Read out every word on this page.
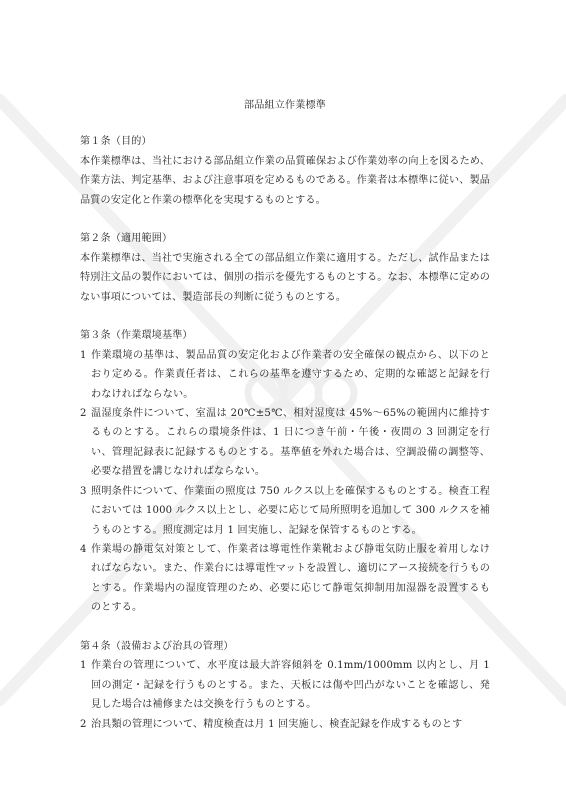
部品組立作業標準

第１条（目的）

本作業標準は、当社における部品組立作業の品質確保および作業効率の向上を図るため、作業方法、判定基準、および注意事項を定めるものである。作業者は本標準に従い、製品品質の安定化と作業の標準化を実現するものとする。

第２条（適用範囲）

本作業標準は、当社で実施される全ての部品組立作業に適用する。ただし、試作品または特別注文品の製作においては、個別の指示を優先するものとする。なお、本標準に定めのない事項については、製造部長の判断に従うものとする。

第３条（作業環境基準）

1 作業環境の基準は、製品品質の安定化および作業者の安全確保の観点から、以下のとおり定める。作業責任者は、これらの基準を遵守するため、定期的な確認と記録を行わなければならない。
2 温湿度条件について、室温は 20℃±5℃、相対湿度は 45%～65%の範囲内に維持するものとする。これらの環境条件は、1 日につき午前・午後・夜間の 3 回測定を行い、管理記録表に記録するものとする。基準値を外れた場合は、空調設備の調整等、必要な措置を講じなければならない。
3 照明条件について、作業面の照度は 750 ルクス以上を確保するものとする。検査工程においては 1000 ルクス以上とし、必要に応じて局所照明を追加して 300 ルクスを補うものとする。照度測定は月 1 回実施し、記録を保管するものとする。
4 作業場の静電気対策として、作業者は導電性作業靴および静電気防止服を着用しなければならない。また、作業台には導電性マットを設置し、適切にアース接続を行うものとする。作業場内の湿度管理のため、必要に応じて静電気抑制用加湿器を設置するものとする。

第４条（設備および治具の管理）

1 作業台の管理について、水平度は最大許容傾斜を 0.1mm/1000mm 以内とし、月 1 回の測定・記録を行うものとする。また、天板には傷や凹凸がないことを確認し、発見した場合は補修または交換を行うものとする。
2 治具類の管理について、精度検査は月 1 回実施し、検査記録を作成するものとす
